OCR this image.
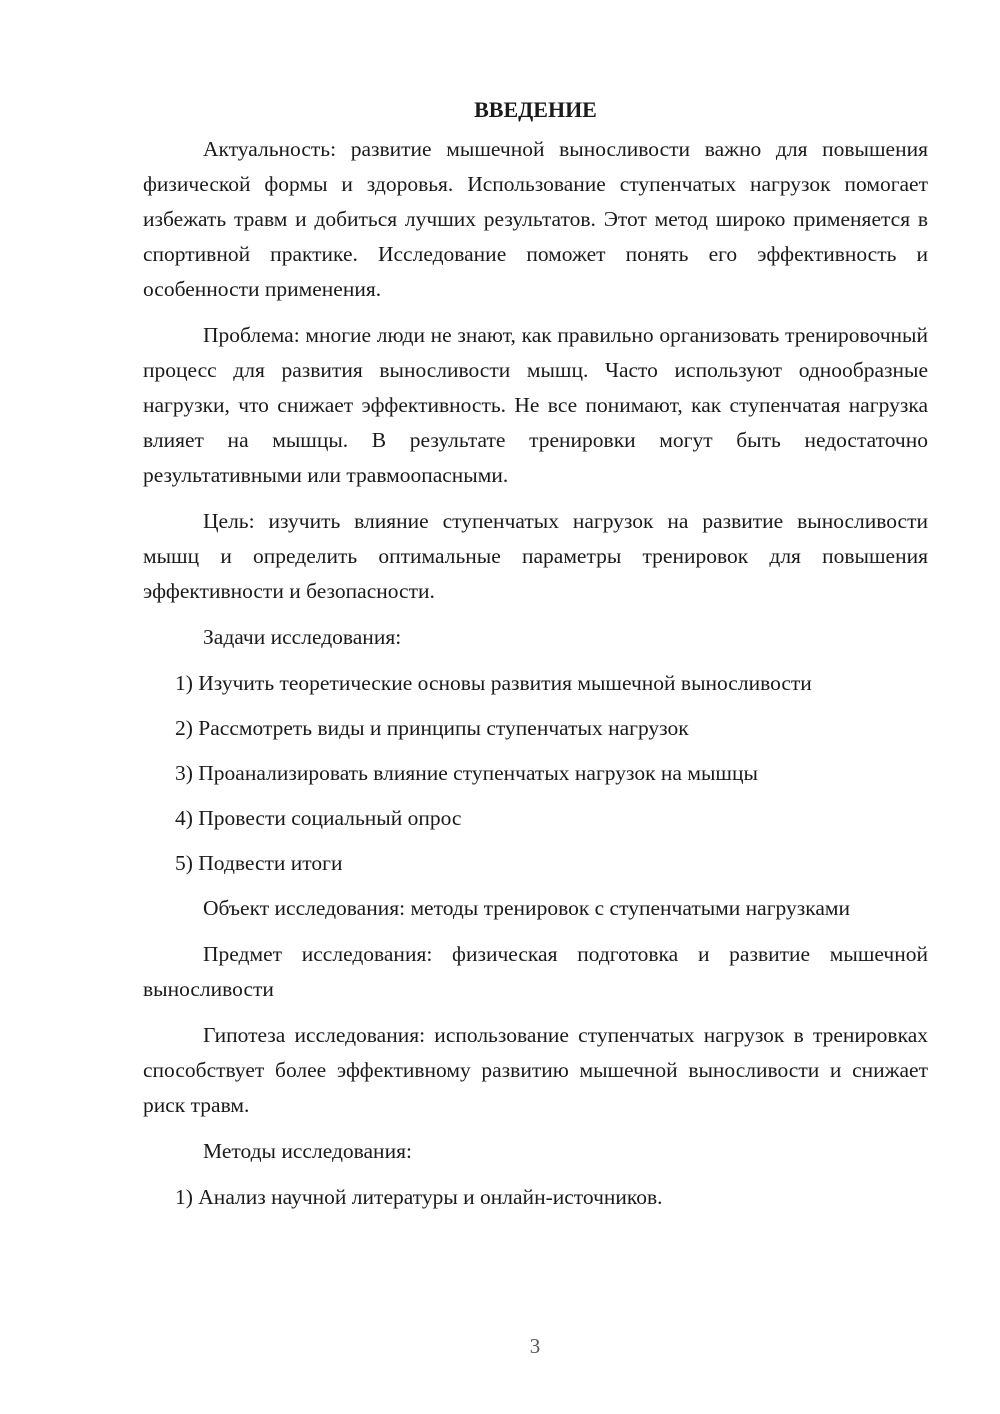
ВВЕДЕНИЕ

Актуальность: развитие мышечной выносливости важно для повышения физической формы и здоровья. Использование ступенчатых нагрузок помогает избежать травм и добиться лучших результатов. Этот метод широко применяется в спортивной практике. Исследование поможет понять его эффективность и особенности применения.

Проблема: многие люди не знают, как правильно организовать тренировочный процесс для развития выносливости мышц. Часто используют однообразные нагрузки, что снижает эффективность. Не все понимают, как ступенчатая нагрузка влияет на мышцы. В результате тренировки могут быть недостаточно результативными или травмоопасными.

Цель: изучить влияние ступенчатых нагрузок на развитие выносливости мышц и определить оптимальные параметры тренировок для повышения эффективности и безопасности.

Задачи исследования:

1) Изучить теоретические основы развития мышечной выносливости

2) Рассмотреть виды и принципы ступенчатых нагрузок

3) Проанализировать влияние ступенчатых нагрузок на мышцы

4) Провести социальный опрос

5) Подвести итоги

Объект исследования: методы тренировок с ступенчатыми нагрузками

Предмет исследования: физическая подготовка и развитие мышечной выносливости

Гипотеза исследования: использование ступенчатых нагрузок в тренировках способствует более эффективному развитию мышечной выносливости и снижает риск травм.

Методы исследования:

1) Анализ научной литературы и онлайн-источников.

3
